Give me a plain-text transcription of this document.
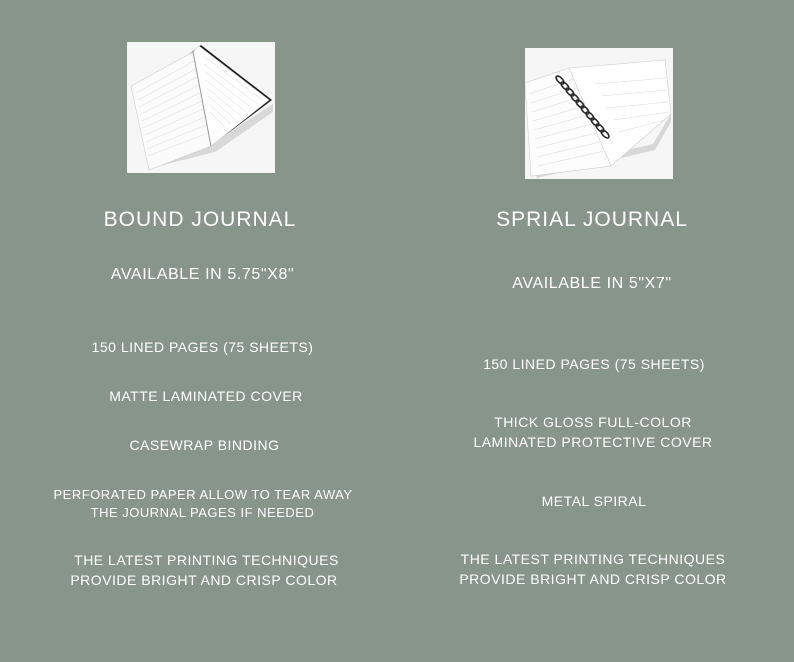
BOUND JOURNAL
AVAILABLE IN 5.75"X8"
150 LINED PAGES (75 SHEETS)
MATTE LAMINATED COVER
CASEWRAP BINDING
PERFORATED PAPER ALLOW TO TEAR AWAY
THE JOURNAL PAGES IF NEEDED
THE LATEST PRINTING TECHNIQUES
PROVIDE BRIGHT AND CRISP COLOR
SPRIAL JOURNAL
AVAILABLE IN 5"X7"
150 LINED PAGES (75 SHEETS)
THICK GLOSS FULL-COLOR
LAMINATED PROTECTIVE COVER
METAL SPIRAL
THE LATEST PRINTING TECHNIQUES
PROVIDE BRIGHT AND CRISP COLOR
